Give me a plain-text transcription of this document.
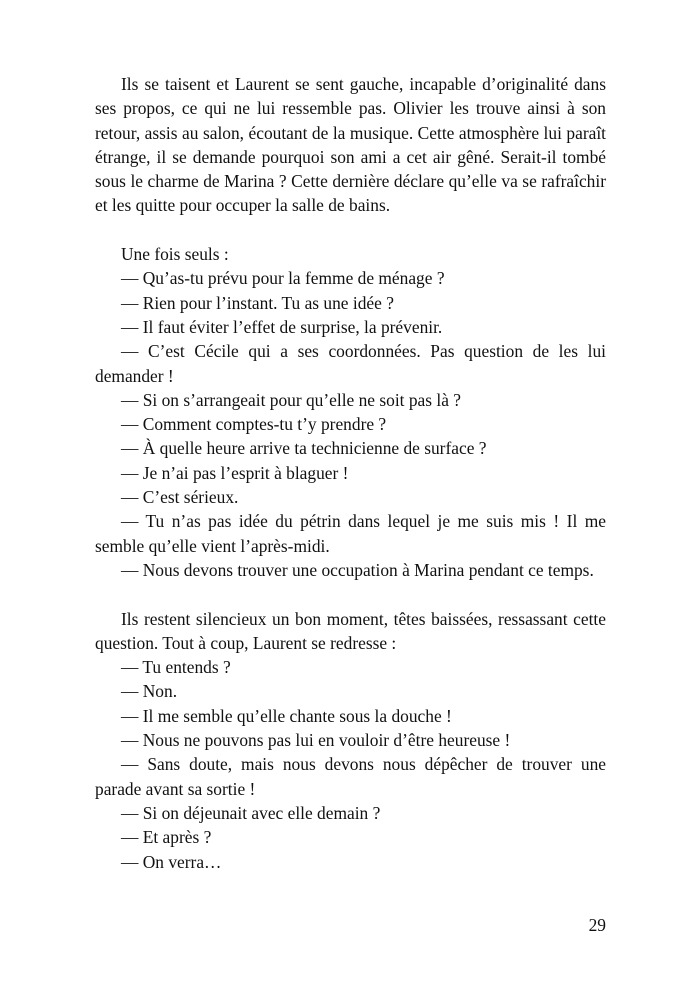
Ils se taisent et Laurent se sent gauche, incapable d’originalité dans ses propos, ce qui ne lui ressemble pas. Olivier les trouve ainsi à son retour, assis au salon, écoutant de la musique. Cette atmosphère lui paraît étrange, il se demande pourquoi son ami a cet air gêné. Serait-il tombé sous le charme de Marina ? Cette dernière déclare qu’elle va se rafraîchir et les quitte pour occuper la salle de bains.

Une fois seuls :

— Qu’as-tu prévu pour la femme de ménage ?

— Rien pour l’instant. Tu as une idée ?

— Il faut éviter l’effet de surprise, la prévenir.

— C’est Cécile qui a ses coordonnées. Pas question de les lui demander !

— Si on s’arrangeait pour qu’elle ne soit pas là ?

— Comment comptes-tu t’y prendre ?

— À quelle heure arrive ta technicienne de surface ?

— Je n’ai pas l’esprit à blaguer !

— C’est sérieux.

— Tu n’as pas idée du pétrin dans lequel je me suis mis ! Il me semble qu’elle vient l’après-midi.

— Nous devons trouver une occupation à Marina pendant ce temps.

Ils restent silencieux un bon moment, têtes baissées, ressassant cette question. Tout à coup, Laurent se redresse :

— Tu entends ?

— Non.

— Il me semble qu’elle chante sous la douche !

— Nous ne pouvons pas lui en vouloir d’être heureuse !

— Sans doute, mais nous devons nous dépêcher de trouver une parade avant sa sortie !

— Si on déjeunait avec elle demain ?

— Et après ?

— On verra…

29
